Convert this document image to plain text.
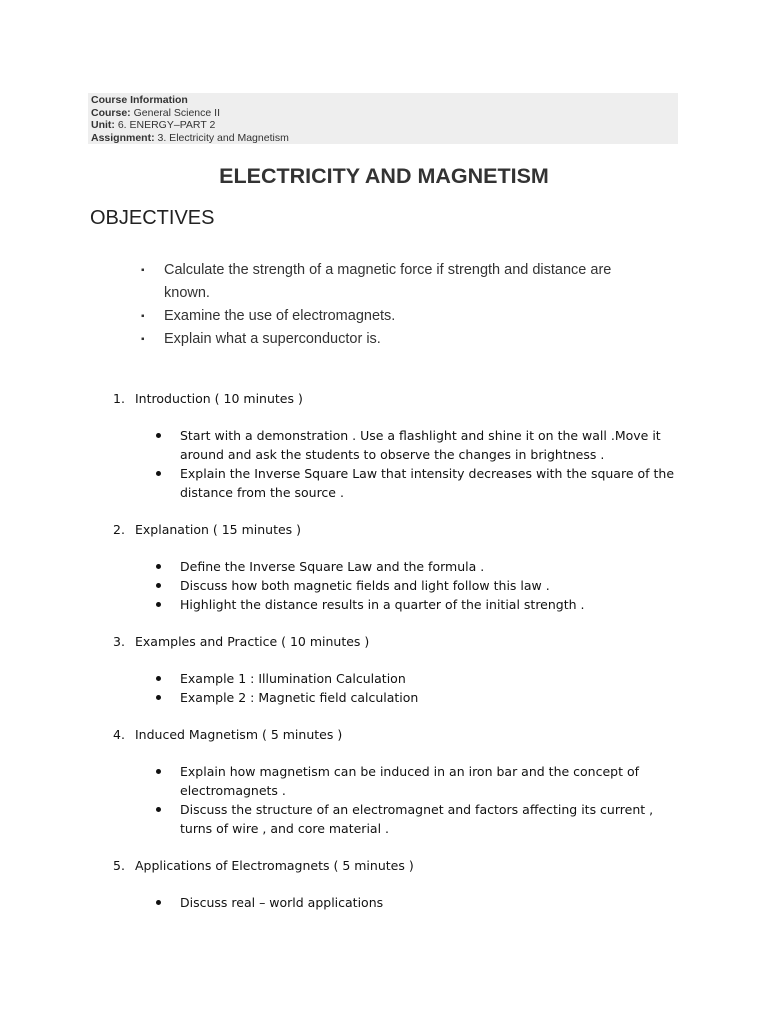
Course Information
Course: General Science II
Unit: 6. ENERGY–PART 2
Assignment: 3. Electricity and Magnetism
ELECTRICITY AND MAGNETISM
OBJECTIVES
▪ Calculate the strength of a magnetic force if strength and distance are known.
▪ Examine the use of electromagnets.
▪ Explain what a superconductor is.
1. Introduction ( 10 minutes )
Start with a demonstration . Use a flashlight and shine it on the wall .Move it around and ask the students to observe the changes in brightness .
Explain the Inverse Square Law that intensity decreases with the square of the distance from the source .
2. Explanation ( 15 minutes )
Define the Inverse Square Law and the formula .
Discuss how both magnetic fields and light follow this law .
Highlight the distance results in a quarter of the initial strength .
3. Examples and Practice ( 10 minutes )
Example 1 : Illumination Calculation
Example 2 : Magnetic field calculation
4. Induced Magnetism ( 5 minutes )
Explain how magnetism can be induced in an iron bar and the concept of electromagnets .
Discuss the structure of an electromagnet and factors affecting its current , turns of wire , and core material .
5. Applications of Electromagnets ( 5 minutes )
Discuss real – world applications
